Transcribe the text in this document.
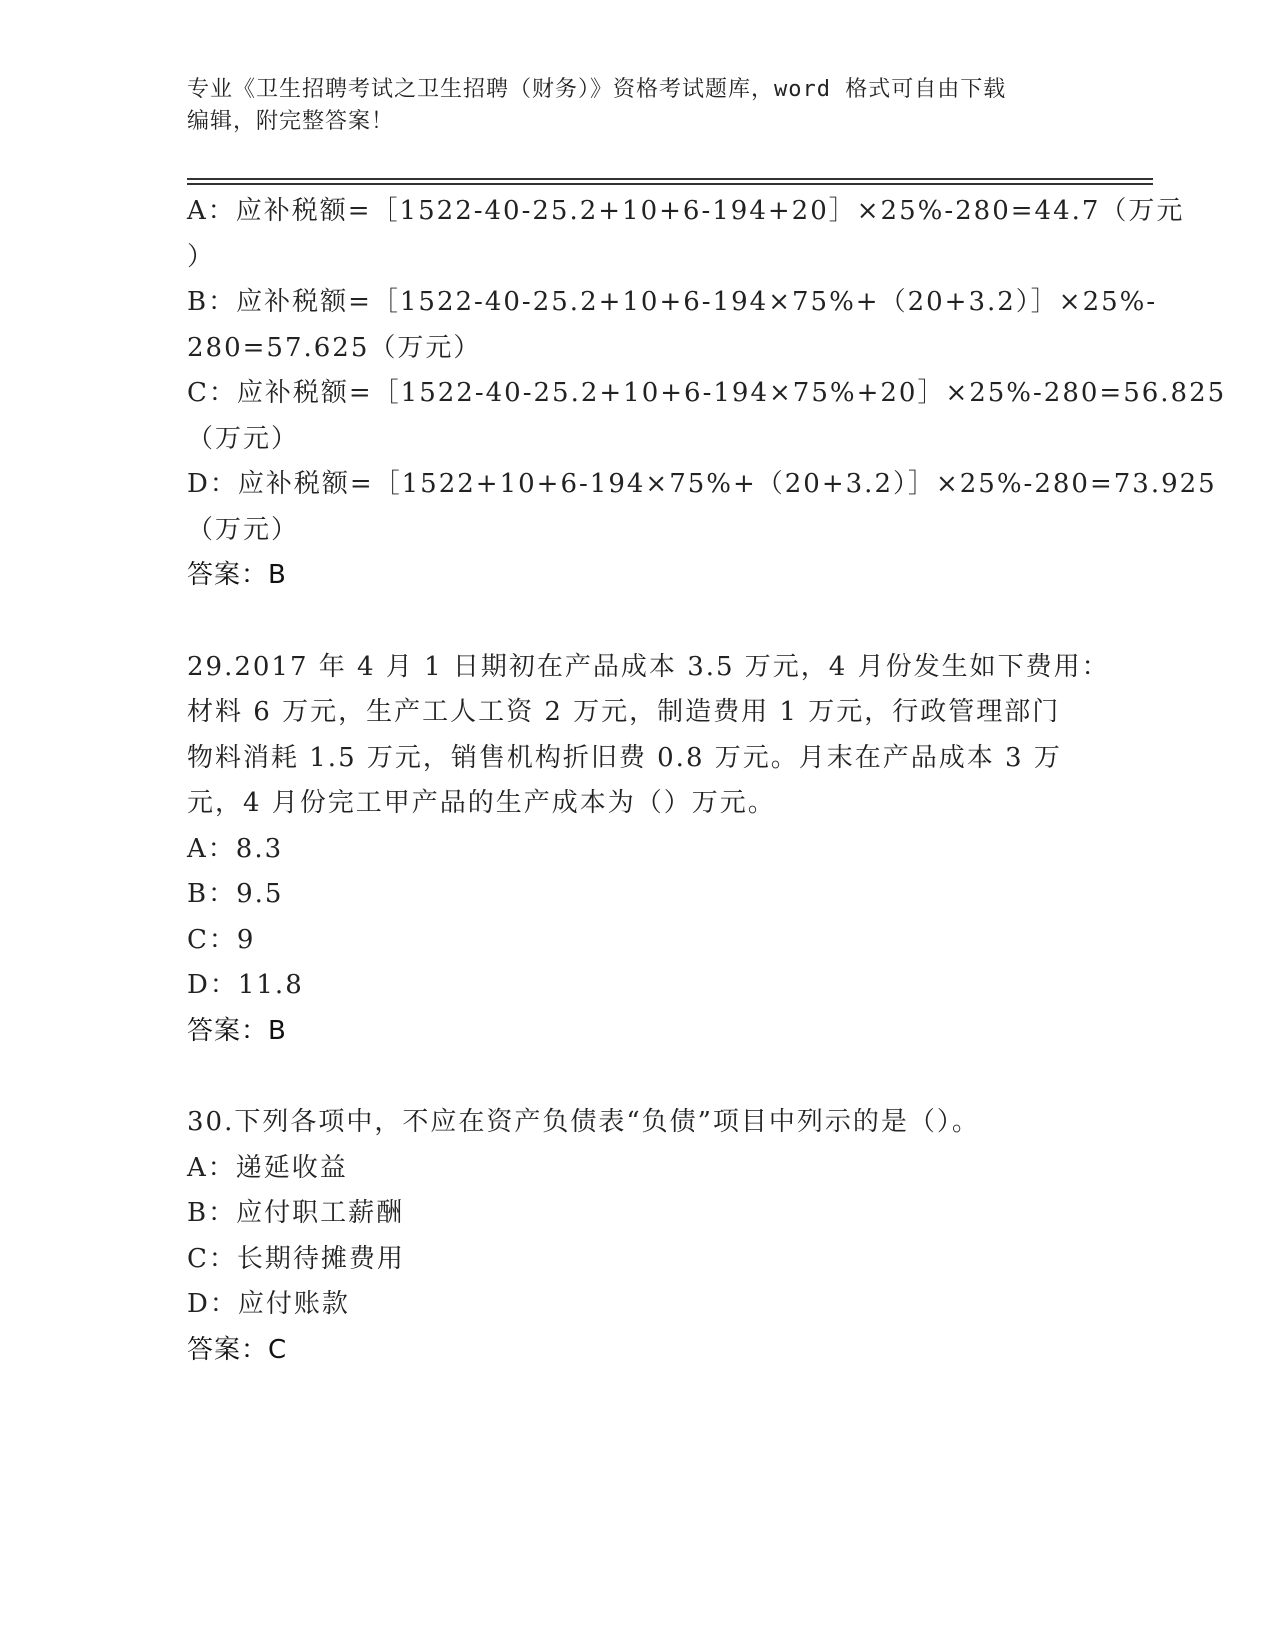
专业《卫生招聘考试之卫生招聘（财务）》资格考试题库，word 格式可自由下载
编辑，附完整答案！
A：应补税额=［1522-40-25.2+10+6-194+20］×25%-280=44.7（万元
）
B：应补税额=［1522-40-25.2+10+6-194×75%+（20+3.2）］×25%-
280=57.625（万元）
C：应补税额=［1522-40-25.2+10+6-194×75%+20］×25%-280=56.825
（万元）
D：应补税额=［1522+10+6-194×75%+（20+3.2）］×25%-280=73.925
（万元）
答案：B
29.2017 年 4 月 1 日期初在产品成本 3.5 万元，4 月份发生如下费用：
材料 6 万元，生产工人工资 2 万元，制造费用 1 万元，行政管理部门
物料消耗 1.5 万元，销售机构折旧费 0.8 万元。月末在产品成本 3 万
元，4 月份完工甲产品的生产成本为（）万元。
A：8.3
B：9.5
C：9
D：11.8
答案：B
30.下列各项中，不应在资产负债表“负债”项目中列示的是（）。
A：递延收益
B：应付职工薪酬
C：长期待摊费用
D：应付账款
答案：C
